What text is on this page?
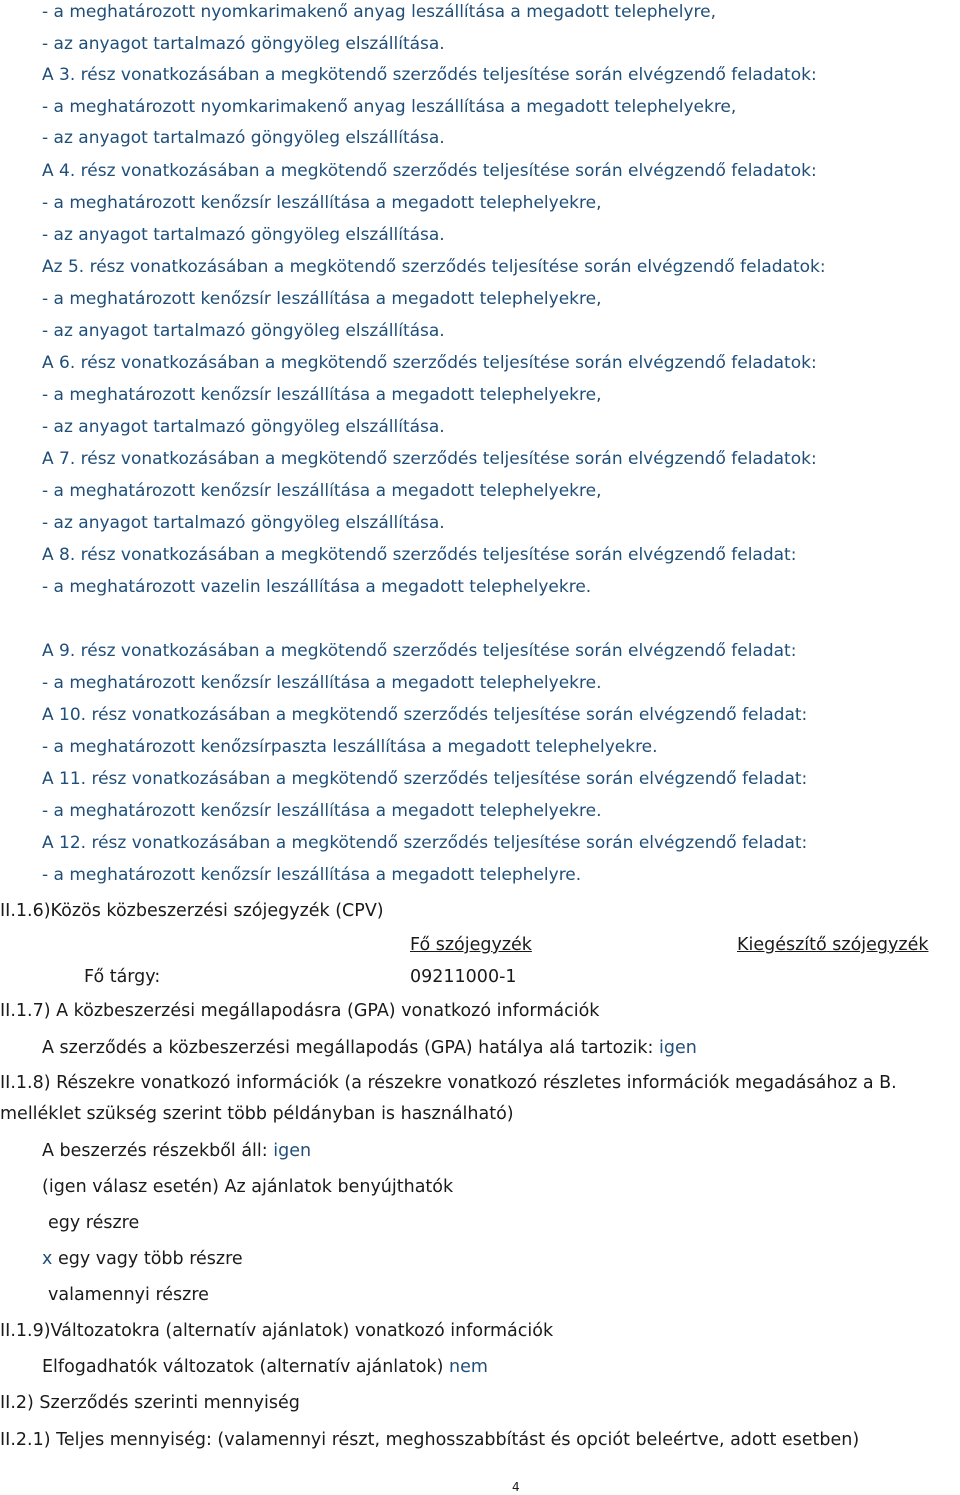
- a meghatározott nyomkarimakenő anyag leszállítása a megadott telephelyre,
- az anyagot tartalmazó göngyöleg elszállítása.
A 3. rész vonatkozásában a megkötendő szerződés teljesítése során elvégzendő feladatok:
- a meghatározott nyomkarimakenő anyag leszállítása a megadott telephelyekre,
- az anyagot tartalmazó göngyöleg elszállítása.
A 4. rész vonatkozásában a megkötendő szerződés teljesítése során elvégzendő feladatok:
- a meghatározott kenőzsír leszállítása a megadott telephelyekre,
- az anyagot tartalmazó göngyöleg elszállítása.
Az 5. rész vonatkozásában a megkötendő szerződés teljesítése során elvégzendő feladatok:
- a meghatározott kenőzsír leszállítása a megadott telephelyekre,
- az anyagot tartalmazó göngyöleg elszállítása.
A 6. rész vonatkozásában a megkötendő szerződés teljesítése során elvégzendő feladatok:
- a meghatározott kenőzsír leszállítása a megadott telephelyekre,
- az anyagot tartalmazó göngyöleg elszállítása.
A 7. rész vonatkozásában a megkötendő szerződés teljesítése során elvégzendő feladatok:
- a meghatározott kenőzsír leszállítása a megadott telephelyekre,
- az anyagot tartalmazó göngyöleg elszállítása.
A 8. rész vonatkozásában a megkötendő szerződés teljesítése során elvégzendő feladat:
- a meghatározott vazelin leszállítása a megadott telephelyekre.
A 9. rész vonatkozásában a megkötendő szerződés teljesítése során elvégzendő feladat:
- a meghatározott kenőzsír leszállítása a megadott telephelyekre.
A 10. rész vonatkozásában a megkötendő szerződés teljesítése során elvégzendő feladat:
- a meghatározott kenőzsírpaszta leszállítása a megadott telephelyekre.
A 11. rész vonatkozásában a megkötendő szerződés teljesítése során elvégzendő feladat:
- a meghatározott kenőzsír leszállítása a megadott telephelyekre.
A 12. rész vonatkozásában a megkötendő szerződés teljesítése során elvégzendő feladat:
- a meghatározott kenőzsír leszállítása a megadott telephelyre.
II.1.6)Közös közbeszerzési szójegyzék (CPV)
Fő szójegyzék	Kiegészítő szójegyzék
Fő tárgy:	09211000-1
II.1.7) A közbeszerzési megállapodásra (GPA) vonatkozó információk
A szerződés a közbeszerzési megállapodás (GPA) hatálya alá tartozik: igen
II.1.8) Részekre vonatkozó információk (a részekre vonatkozó részletes információk megadásához a B.
melléklet szükség szerint több példányban is használható)
A beszerzés részekből áll: igen
(igen válasz esetén) Az ajánlatok benyújthatók
egy részre
x egy vagy több részre
valamennyi részre
II.1.9)Változatokra (alternatív ajánlatok) vonatkozó információk
Elfogadhatók változatok (alternatív ajánlatok) nem
II.2) Szerződés szerinti mennyiség
II.2.1) Teljes mennyiség: (valamennyi részt, meghosszabbítást és opciót beleértve, adott esetben)
4
